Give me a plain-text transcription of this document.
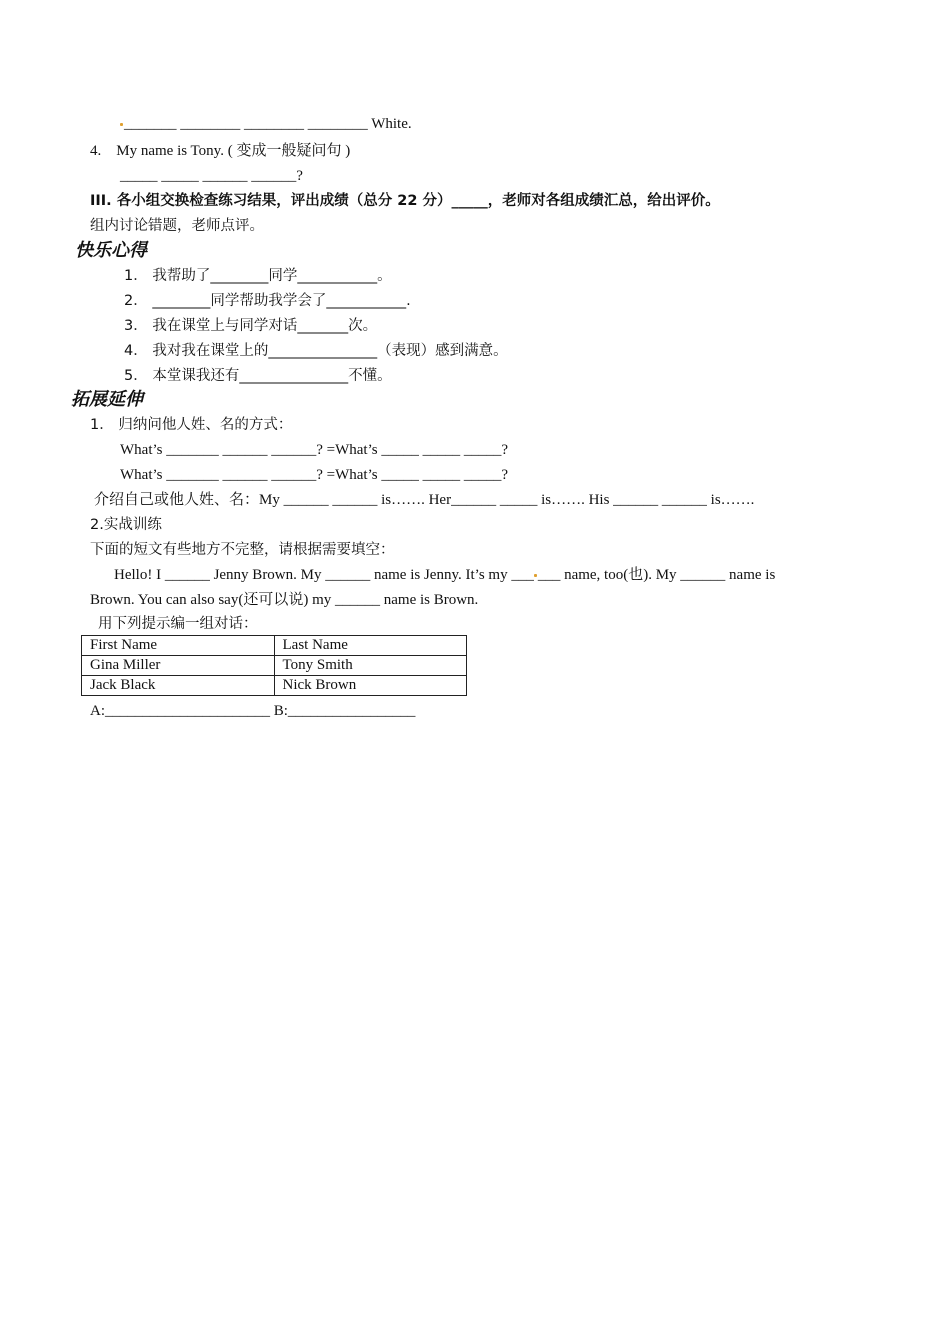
_______ ________ ________ ________ White.
4. My name is Tony. ( 变成一般疑问句 )
_____ _____ ______ ______?
III. 各小组交换检查练习结果，评出成绩（总分 22 分）_____，老师对各组成绩汇总，给出评价。
组内讨论错题，老师点评。
快乐心得
1． 我帮助了________同学___________。
2． ________同学帮助我学会了___________.
3． 我在课堂上与同学对话_______次。
4． 我对我在课堂上的_______________（表现）感到满意。
5． 本堂课我还有_______________不懂。
拓展延伸
1． 归纳问他人姓、名的方式：
What’s _______ ______ ______? =What’s _____ _____ _____?
What’s _______ ______ ______? =What’s _____ _____ _____?
介绍自己或他人姓、名：My ______ ______ is……. Her______ _____ is……. His ______ ______ is…….
2.实战训练
下面的短文有些地方不完整，请根据需要填空：
Hello! I ______ Jenny Brown. My ______ name is Jenny. It’s my ___ ___ name, too(也). My ______ name is
Brown. You can also say(还可以说) my ______ name is Brown.
用下列提示编一组对话：
First Name	Last Name
Gina Miller	Tony Smith
Jack Black	Nick Brown
A:______________________ B:_________________
